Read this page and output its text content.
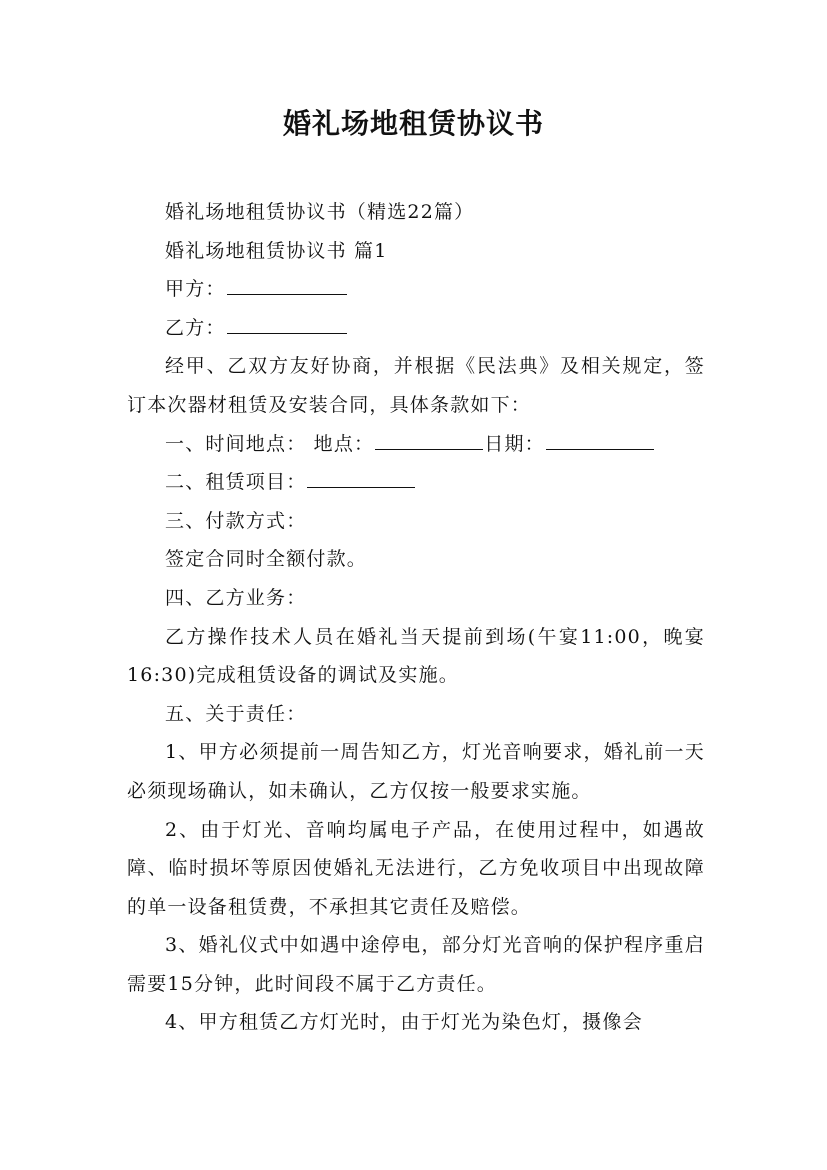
婚礼场地租赁协议书

婚礼场地租赁协议书（精选22篇）

婚礼场地租赁协议书 篇1

甲方：

乙方：

经甲、乙双方友好协商，并根据《民法典》及相关规定，签订本次器材租赁及安装合同，具体条款如下：

一、时间地点： 地点：	日期：

二、租赁项目：

三、付款方式：

签定合同时全额付款。

四、乙方业务：

乙方操作技术人员在婚礼当天提前到场(午宴11:00，晚宴16:30)完成租赁设备的调试及实施。

五、关于责任：

1、甲方必须提前一周告知乙方，灯光音响要求，婚礼前一天必须现场确认，如未确认，乙方仅按一般要求实施。

2、由于灯光、音响均属电子产品，在使用过程中，如遇故障、临时损坏等原因使婚礼无法进行，乙方免收项目中出现故障的单一设备租赁费，不承担其它责任及赔偿。

3、婚礼仪式中如遇中途停电，部分灯光音响的保护程序重启需要15分钟，此时间段不属于乙方责任。

4、甲方租赁乙方灯光时，由于灯光为染色灯，摄像会
